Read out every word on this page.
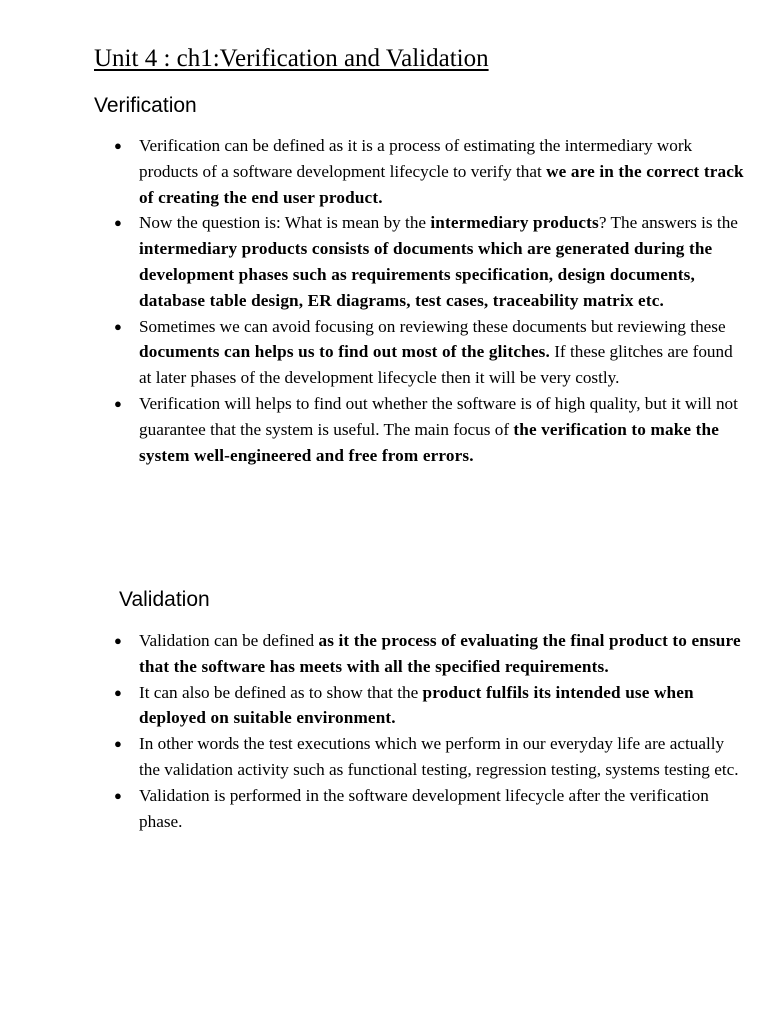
Unit 4 : ch1:Verification and Validation
Verification
● Verification can be defined as it is a process of estimating the intermediary work products of a software development lifecycle to verify that we are in the correct track of creating the end user product.
● Now the question is: What is mean by the intermediary products? The answers is the intermediary products consists of documents which are generated during the development phases such as requirements specification, design documents, database table design, ER diagrams, test cases, traceability matrix etc.
● Sometimes we can avoid focusing on reviewing these documents but reviewing these documents can helps us to find out most of the glitches. If these glitches are found at later phases of the development lifecycle then it will be very costly.
● Verification will helps to find out whether the software is of high quality, but it will not guarantee that the system is useful. The main focus of the verification to make the system well-engineered and free from errors.
Validation
● Validation can be defined as it the process of evaluating the final product to ensure that the software has meets with all the specified requirements.
● It can also be defined as to show that the product fulfils its intended use when deployed on suitable environment.
● In other words the test executions which we perform in our everyday life are actually the validation activity such as functional testing, regression testing, systems testing etc.
● Validation is performed in the software development lifecycle after the verification phase.
